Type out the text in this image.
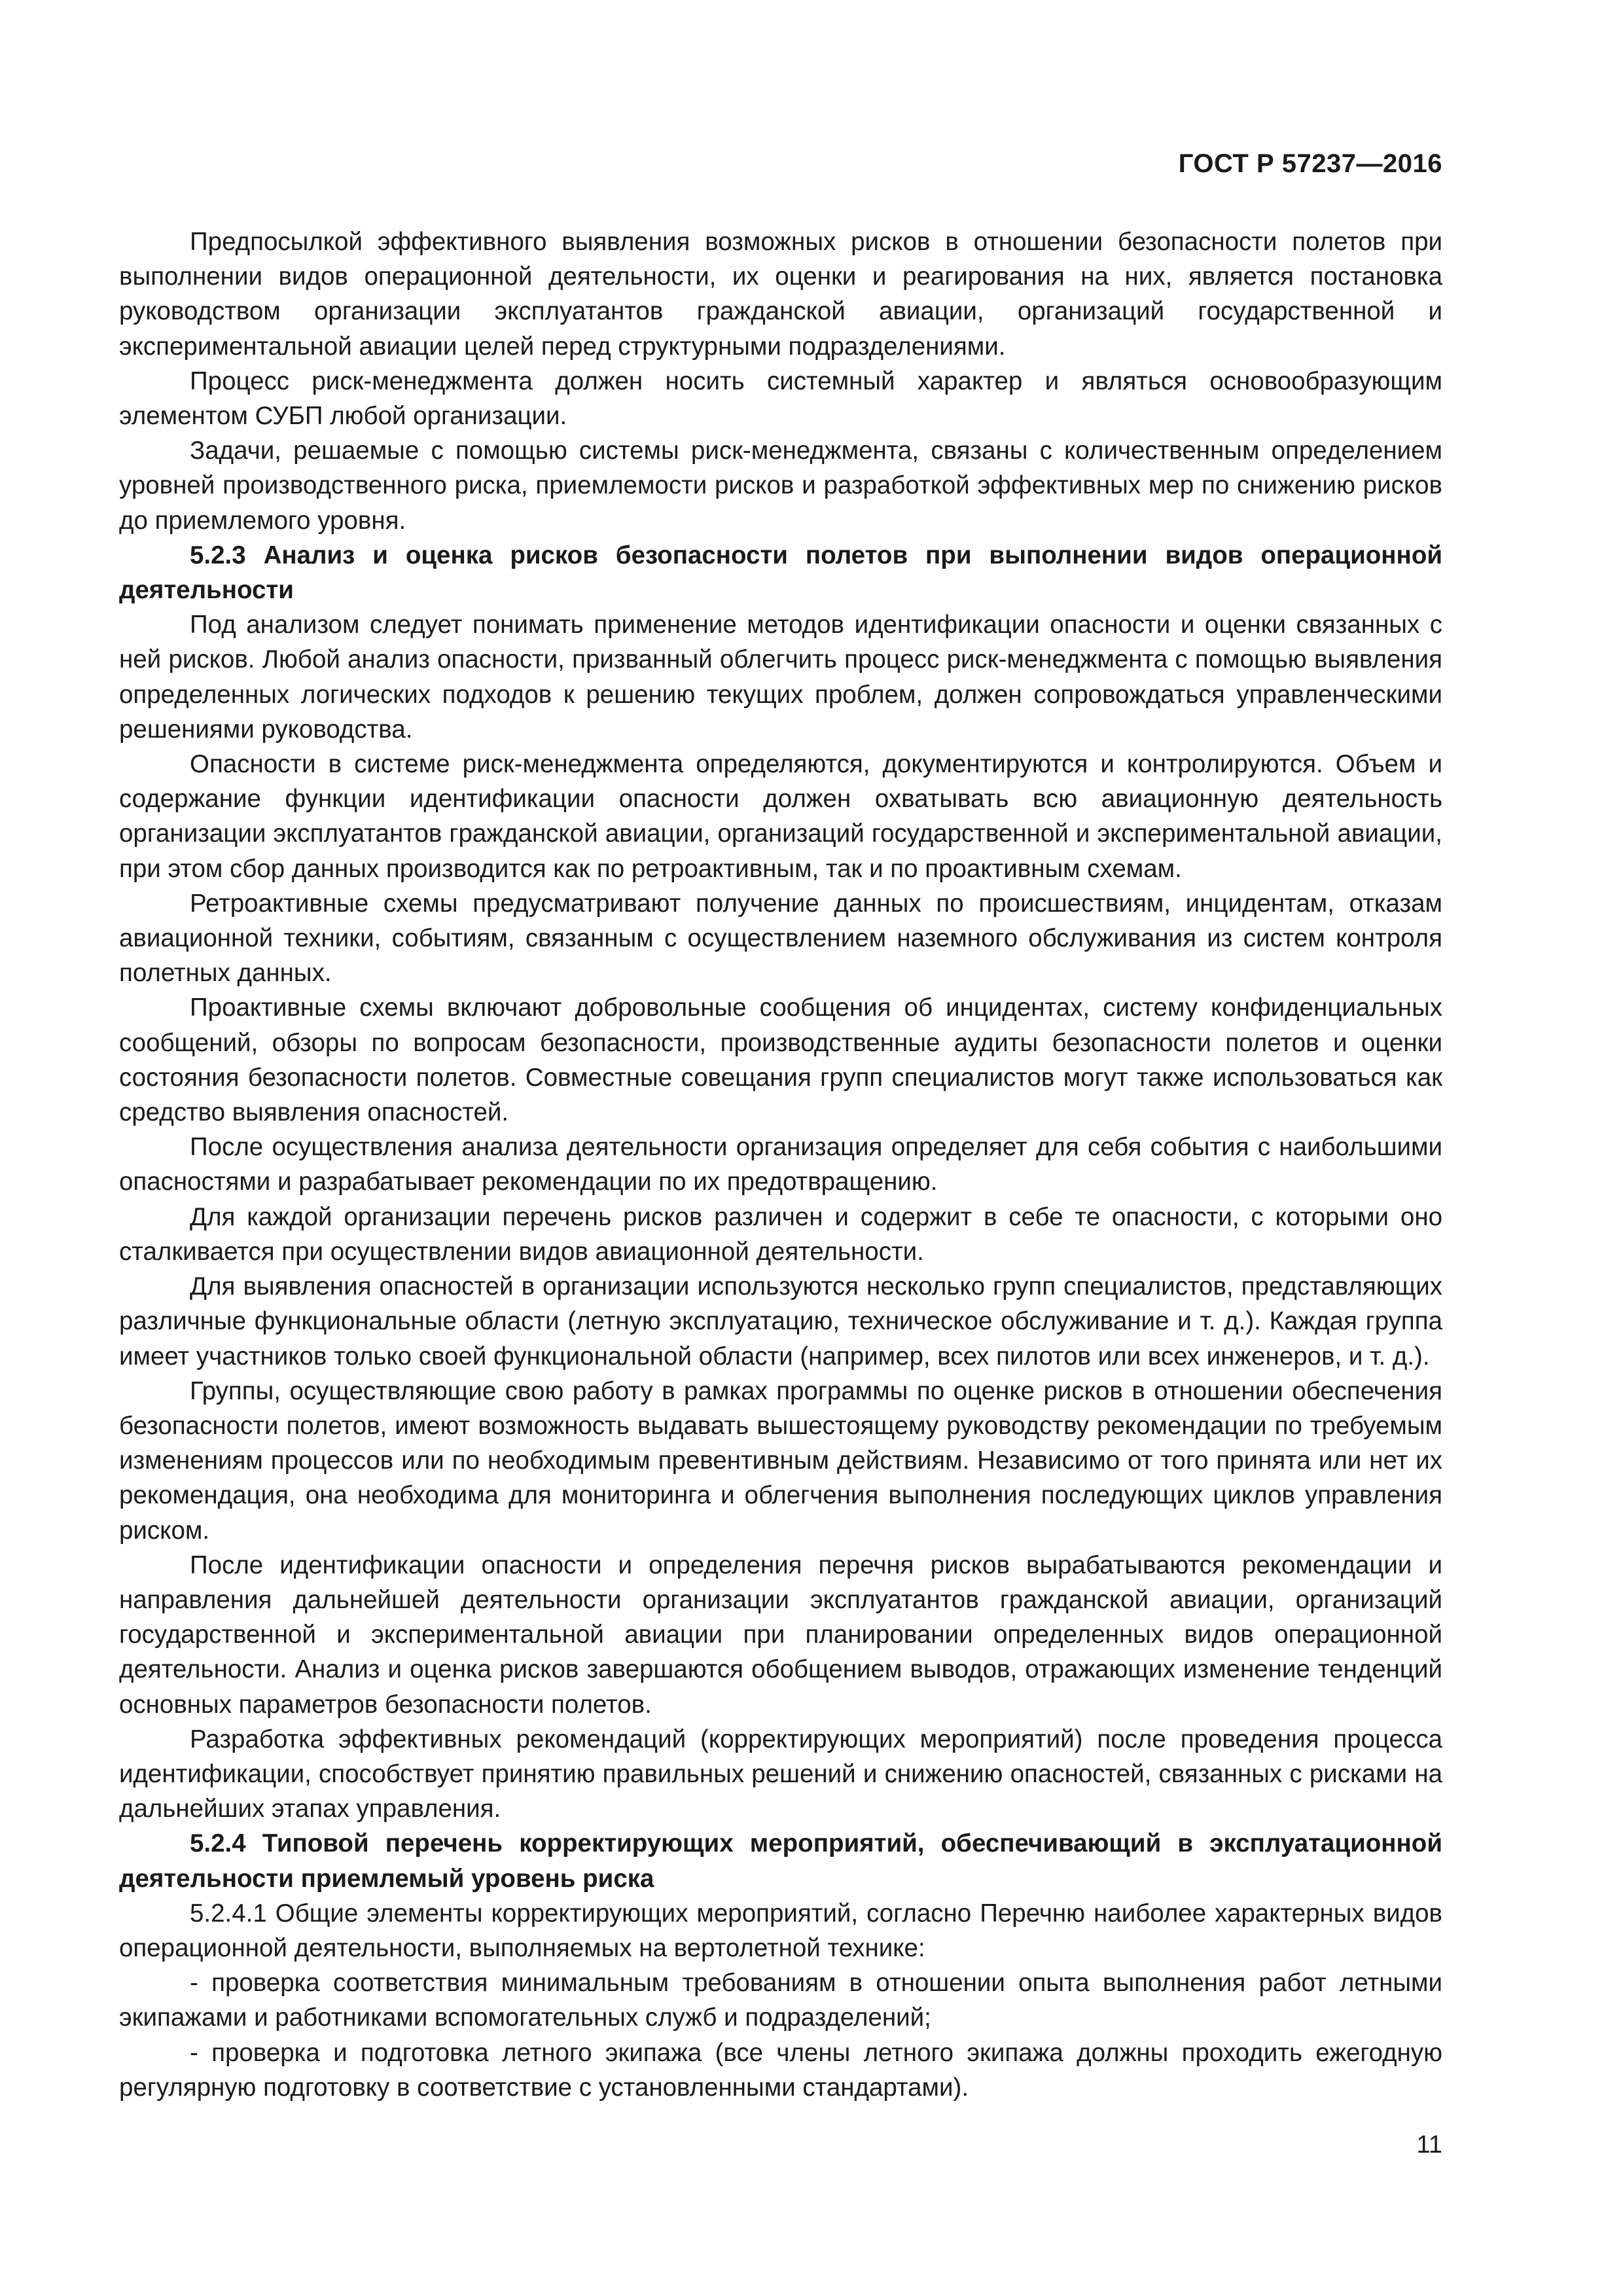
ГОСТ Р 57237—2016

Предпосылкой эффективного выявления возможных рисков в отношении безопасности полетов при выполнении видов операционной деятельности, их оценки и реагирования на них, является постановка руководством организации эксплуатантов гражданской авиации, организаций государственной и экспериментальной авиации целей перед структурными подразделениями.

Процесс риск-менеджмента должен носить системный характер и являться основообразующим элементом СУБП любой организации.

Задачи, решаемые с помощью системы риск-менеджмента, связаны с количественным определением уровней производственного риска, приемлемости рисков и разработкой эффективных мер по снижению рисков до приемлемого уровня.

5.2.3 Анализ и оценка рисков безопасности полетов при выполнении видов операционной деятельности

Под анализом следует понимать применение методов идентификации опасности и оценки связанных с ней рисков. Любой анализ опасности, призванный облегчить процесс риск-менеджмента с помощью выявления определенных логических подходов к решению текущих проблем, должен сопровождаться управленческими решениями руководства.

Опасности в системе риск-менеджмента определяются, документируются и контролируются. Объем и содержание функции идентификации опасности должен охватывать всю авиационную деятельность организации эксплуатантов гражданской авиации, организаций государственной и экспериментальной авиации, при этом сбор данных производится как по ретроактивным, так и по проактивным схемам.

Ретроактивные схемы предусматривают получение данных по происшествиям, инцидентам, отказам авиационной техники, событиям, связанным с осуществлением наземного обслуживания из систем контроля полетных данных.

Проактивные схемы включают добровольные сообщения об инцидентах, систему конфиденциальных сообщений, обзоры по вопросам безопасности, производственные аудиты безопасности полетов и оценки состояния безопасности полетов. Совместные совещания групп специалистов могут также использоваться как средство выявления опасностей.

После осуществления анализа деятельности организация определяет для себя события с наибольшими опасностями и разрабатывает рекомендации по их предотвращению.

Для каждой организации перечень рисков различен и содержит в себе те опасности, с которыми оно сталкивается при осуществлении видов авиационной деятельности.

Для выявления опасностей в организации используются несколько групп специалистов, представляющих различные функциональные области (летную эксплуатацию, техническое обслуживание и т. д.). Каждая группа имеет участников только своей функциональной области (например, всех пилотов или всех инженеров, и т. д.).

Группы, осуществляющие свою работу в рамках программы по оценке рисков в отношении обеспечения безопасности полетов, имеют возможность выдавать вышестоящему руководству рекомендации по требуемым изменениям процессов или по необходимым превентивным действиям. Независимо от того принята или нет их рекомендация, она необходима для мониторинга и облегчения выполнения последующих циклов управления риском.

После идентификации опасности и определения перечня рисков вырабатываются рекомендации и направления дальнейшей деятельности организации эксплуатантов гражданской авиации, организаций государственной и экспериментальной авиации при планировании определенных видов операционной деятельности. Анализ и оценка рисков завершаются обобщением выводов, отражающих изменение тенденций основных параметров безопасности полетов.

Разработка эффективных рекомендаций (корректирующих мероприятий) после проведения процесса идентификации, способствует принятию правильных решений и снижению опасностей, связанных с рисками на дальнейших этапах управления.

5.2.4 Типовой перечень корректирующих мероприятий, обеспечивающий в эксплуатационной деятельности приемлемый уровень риска

5.2.4.1 Общие элементы корректирующих мероприятий, согласно Перечню наиболее характерных видов операционной деятельности, выполняемых на вертолетной технике:

- проверка соответствия минимальным требованиям в отношении опыта выполнения работ летными экипажами и работниками вспомогательных служб и подразделений;

- проверка и подготовка летного экипажа (все члены летного экипажа должны проходить ежегодную регулярную подготовку в соответствие с установленными стандартами).

11
